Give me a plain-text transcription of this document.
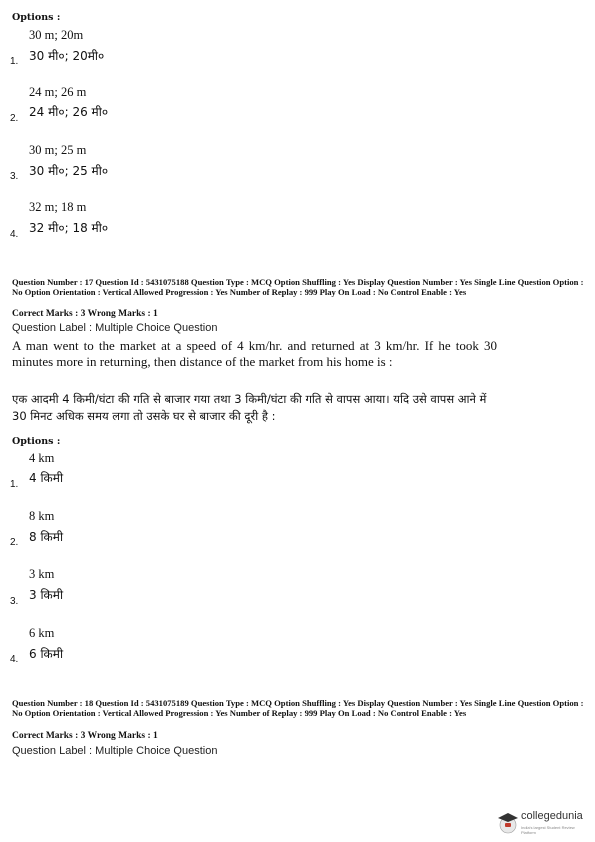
Options :
30 m; 20m
30 मी०; 20मी०
1.
24 m; 26 m
24 मी०; 26 मी०
2.
30 m; 25 m
30 मी०; 25 मी०
3.
32 m; 18 m
32 मी०; 18 मी०
4.
Question Number : 17 Question Id : 5431075188 Question Type : MCQ Option Shuffling : Yes Display Question Number : Yes Single Line Question Option : No Option Orientation : Vertical Allowed Progression : Yes Number of Replay : 999 Play On Load : No Control Enable : Yes
Correct Marks : 3 Wrong Marks : 1
Question Label : Multiple Choice Question
A man went to the market at a speed of 4 km/hr. and returned at 3 km/hr. If he took 30 minutes more in returning, then distance of the market from his home is :
एक आदमी 4 किमी/घंटा की गति से बाजार गया तथा 3 किमी/घंटा की गति से वापस आया। यदि उसे वापस आने में 30 मिनट अधिक समय लगा तो उसके घर से बाजार की दूरी है :
Options :
4 km
4 किमी
1.
8 km
8 किमी
2.
3 km
3 किमी
3.
6 km
6 किमी
4.
Question Number : 18 Question Id : 5431075189 Question Type : MCQ Option Shuffling : Yes Display Question Number : Yes Single Line Question Option : No Option Orientation : Vertical Allowed Progression : Yes Number of Replay : 999 Play On Load : No Control Enable : Yes
Correct Marks : 3 Wrong Marks : 1
Question Label : Multiple Choice Question
collegedunia
India's largest Student Review Platform
